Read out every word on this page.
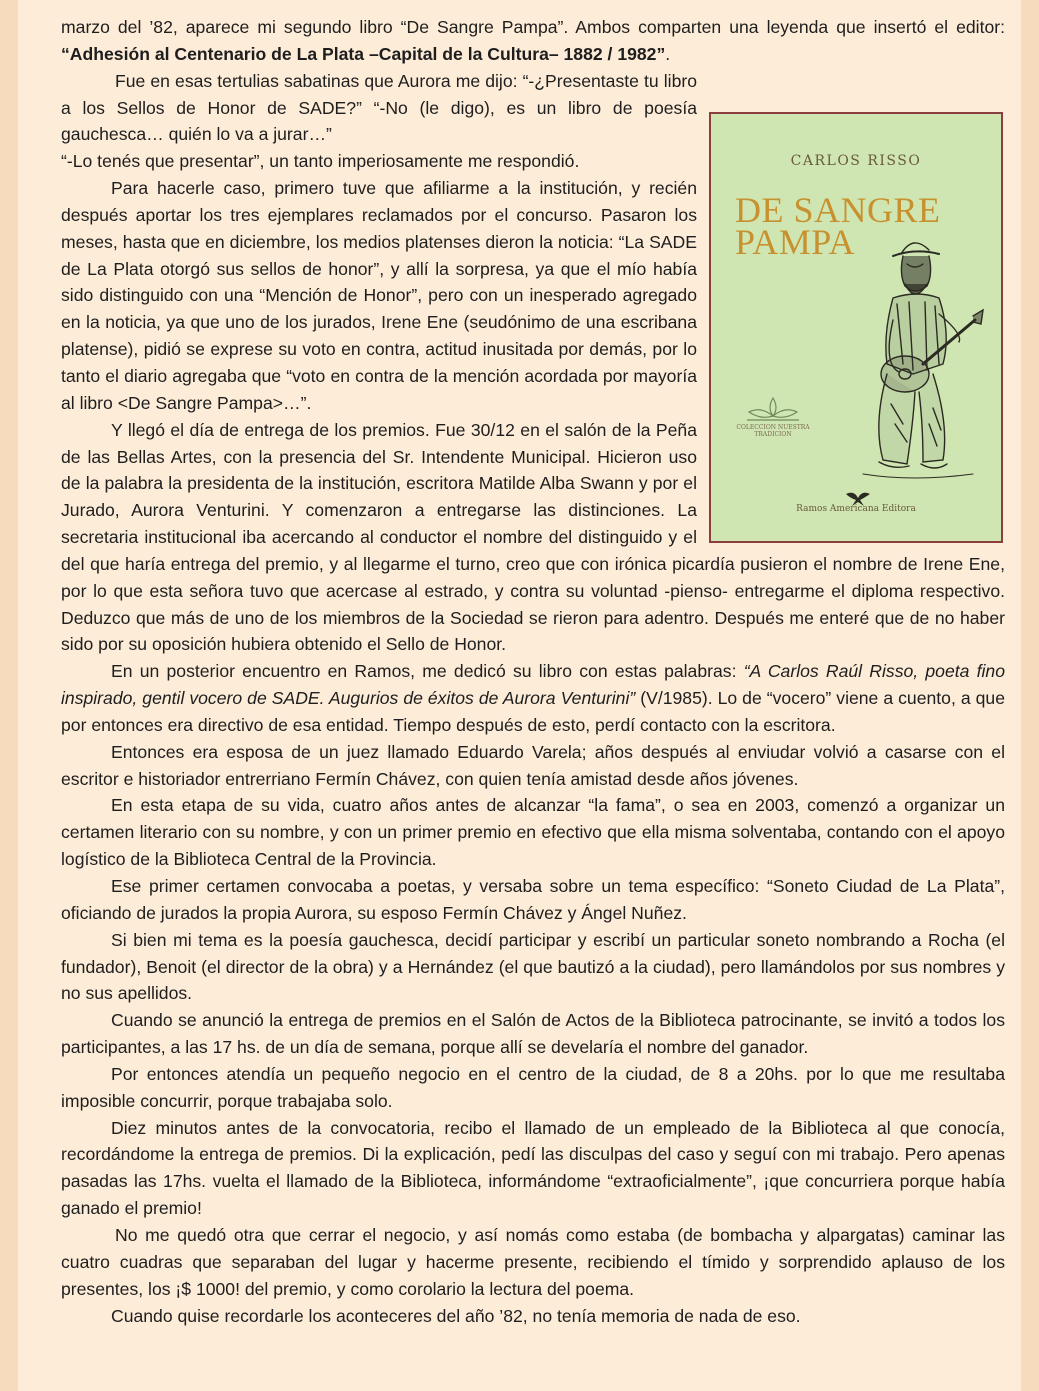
marzo del ’82, aparece mi segundo libro “De Sangre Pampa”. Ambos comparten una leyenda que insertó el editor: “Adhesión al Centenario de La Plata –Capital de la Cultura– 1882 / 1982”.

CARLOS RISSO
DE SANGRE
PAMPA
COLECCION NUESTRA TRADICION
Ramos Americana Editora

Fue en esas tertulias sabatinas que Aurora me dijo: “-¿Presentaste tu libro a los Sellos de Honor de SADE?” “-No (le digo), es un libro de poesía gauchesca… quién lo va a jurar…”

“-Lo tenés que presentar”, un tanto imperiosamente me respondió.

Para hacerle caso, primero tuve que afiliarme a la institución, y recién después aportar los tres ejemplares reclamados por el concurso. Pasaron los meses, hasta que en diciembre, los medios platenses dieron la noticia: “La SADE de La Plata otorgó sus sellos de honor”, y allí la sorpresa, ya que el mío había sido distinguido con una “Mención de Honor”, pero con un inesperado agregado en la noticia, ya que uno de los jurados, Irene Ene (seudónimo de una escribana platense), pidió se exprese su voto en contra, actitud inusitada por demás, por lo tanto el diario agregaba que “voto en contra de la mención acordada por mayoría al libro <De Sangre Pampa>…”.

Y llegó el día de entrega de los premios. Fue 30/12 en el salón de la Peña de las Bellas Artes, con la presencia del Sr. Intendente Municipal. Hicieron uso de la palabra la presidenta de la institución, escritora Matilde Alba Swann y por el Jurado, Aurora Venturini. Y comenzaron a entregarse las distinciones. La secretaria institucional iba acercando al conductor el nombre del distinguido y el del que haría entrega del premio, y al llegarme el turno, creo que con irónica picardía pusieron el nombre de Irene Ene, por lo que esta señora tuvo que acercase al estrado, y contra su voluntad -pienso- entregarme el diploma respectivo. Deduzco que más de uno de los miembros de la Sociedad se rieron para adentro. Después me enteré que de no haber sido por su oposición hubiera obtenido el Sello de Honor.

En un posterior encuentro en Ramos, me dedicó su libro con estas palabras: “A Carlos Raúl Risso, poeta fino inspirado, gentil vocero de SADE. Augurios de éxitos de Aurora Venturini” (V/1985). Lo de “vocero” viene a cuento, a que por entonces era directivo de esa entidad. Tiempo después de esto, perdí contacto con la escritora.

Entonces era esposa de un juez llamado Eduardo Varela; años después al enviudar volvió a casarse con el escritor e historiador entrerriano Fermín Chávez, con quien tenía amistad desde años jóvenes.

En esta etapa de su vida, cuatro años antes de alcanzar “la fama”, o sea en 2003, comenzó a organizar un certamen literario con su nombre, y con un primer premio en efectivo que ella misma solventaba, contando con el apoyo logístico de la Biblioteca Central de la Provincia.

Ese primer certamen convocaba a poetas, y versaba sobre un tema específico: “Soneto Ciudad de La Plata”, oficiando de jurados la propia Aurora, su esposo Fermín Chávez y Ángel Nuñez.

Si bien mi tema es la poesía gauchesca, decidí participar y escribí un particular soneto nombrando a Rocha (el fundador), Benoit (el director de la obra) y a Hernández (el que bautizó a la ciudad), pero llamándolos por sus nombres y no sus apellidos.

Cuando se anunció la entrega de premios en el Salón de Actos de la Biblioteca patrocinante, se invitó a todos los participantes, a las 17 hs. de un día de semana, porque allí se develaría el nombre del ganador.

Por entonces atendía un pequeño negocio en el centro de la ciudad, de 8 a 20hs. por lo que me resultaba imposible concurrir, porque trabajaba solo.

Diez minutos antes de la convocatoria, recibo el llamado de un empleado de la Biblioteca al que conocía, recordándome la entrega de premios. Di la explicación, pedí las disculpas del caso y seguí con mi trabajo. Pero apenas pasadas las 17hs. vuelta el llamado de la Biblioteca, informándome “extraoficialmente”, ¡que concurriera porque había ganado el premio!

No me quedó otra que cerrar el negocio, y así nomás como estaba (de bombacha y alpargatas) caminar las cuatro cuadras que separaban del lugar y hacerme presente, recibiendo el tímido y sorprendido aplauso de los presentes, los ¡$ 1000! del premio, y como corolario la lectura del poema.

Cuando quise recordarle los aconteceres del año ’82, no tenía memoria de nada de eso.
